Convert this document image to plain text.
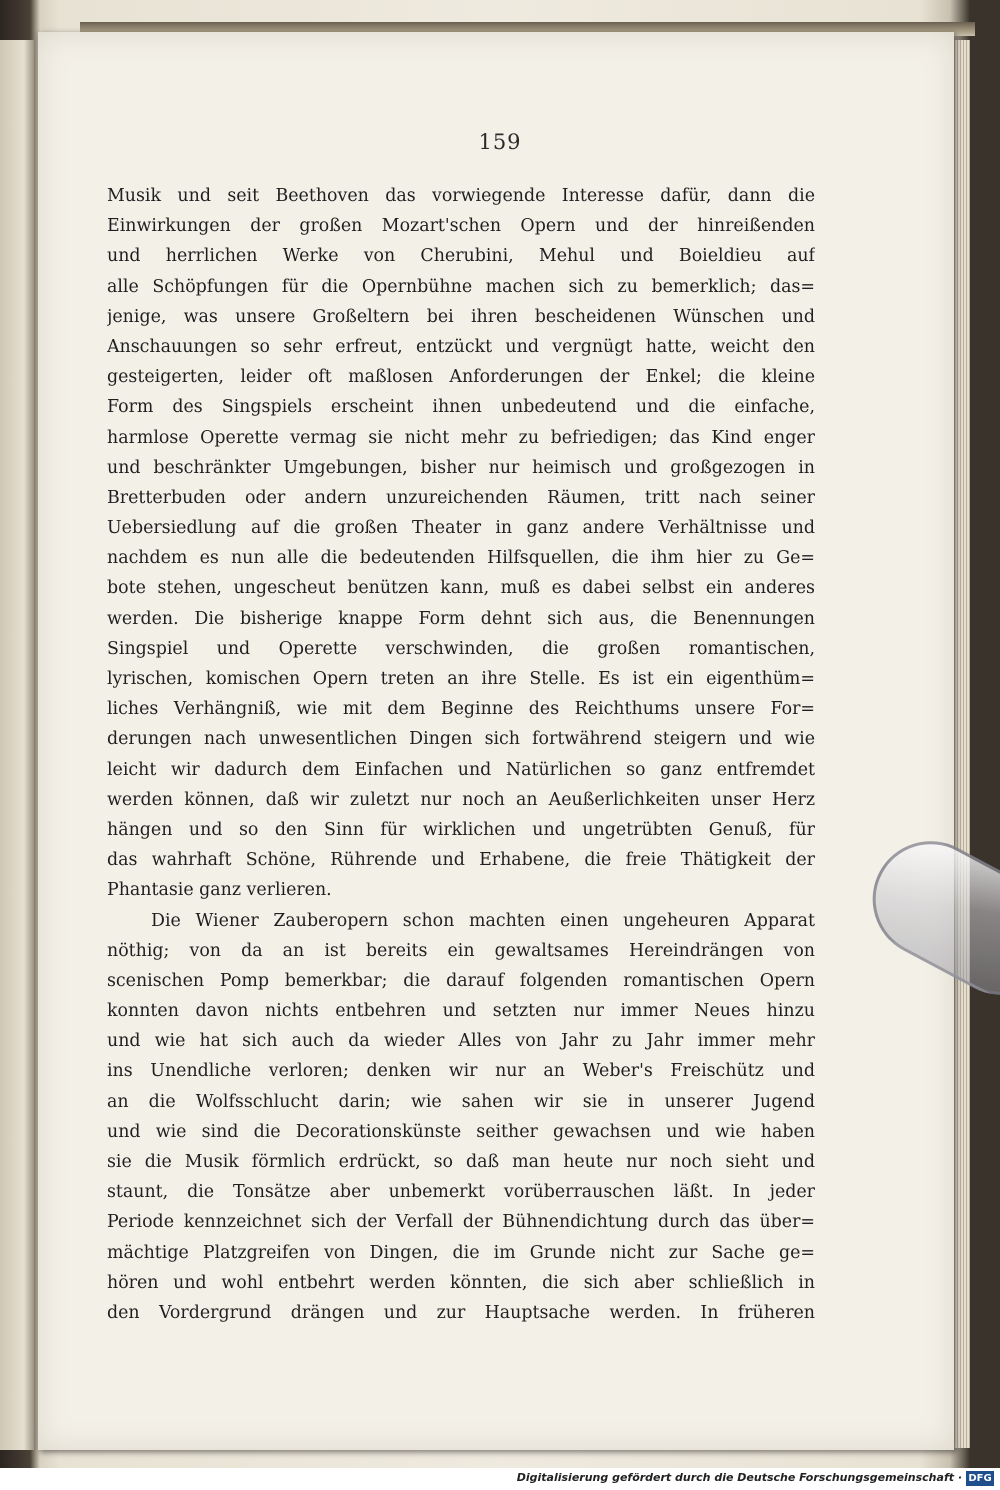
159
Musik und seit Beethoven das vorwiegende Interesse dafür, dann die
Einwirkungen der großen Mozart'schen Opern und der hinreißenden
und herrlichen Werke von Cherubini, Mehul und Boieldieu auf
alle Schöpfungen für die Opernbühne machen sich zu bemerklich; das=
jenige, was unsere Großeltern bei ihren bescheidenen Wünschen und
Anschauungen so sehr erfreut, entzückt und vergnügt hatte, weicht den
gesteigerten, leider oft maßlosen Anforderungen der Enkel; die kleine
Form des Singspiels erscheint ihnen unbedeutend und die einfache,
harmlose Operette vermag sie nicht mehr zu befriedigen; das Kind enger
und beschränkter Umgebungen, bisher nur heimisch und großgezogen in
Bretterbuden oder andern unzureichenden Räumen, tritt nach seiner
Uebersiedlung auf die großen Theater in ganz andere Verhältnisse und
nachdem es nun alle die bedeutenden Hilfsquellen, die ihm hier zu Ge=
bote stehen, ungescheut benützen kann, muß es dabei selbst ein anderes
werden. Die bisherige knappe Form dehnt sich aus, die Benennungen
Singspiel und Operette verschwinden, die großen romantischen,
lyrischen, komischen Opern treten an ihre Stelle. Es ist ein eigenthüm=
liches Verhängniß, wie mit dem Beginne des Reichthums unsere For=
derungen nach unwesentlichen Dingen sich fortwährend steigern und wie
leicht wir dadurch dem Einfachen und Natürlichen so ganz entfremdet
werden können, daß wir zuletzt nur noch an Aeußerlichkeiten unser Herz
hängen und so den Sinn für wirklichen und ungetrübten Genuß, für
das wahrhaft Schöne, Rührende und Erhabene, die freie Thätigkeit der
Phantasie ganz verlieren.
Die Wiener Zauberopern schon machten einen ungeheuren Apparat
nöthig; von da an ist bereits ein gewaltsames Hereindrängen von
scenischen Pomp bemerkbar; die darauf folgenden romantischen Opern
konnten davon nichts entbehren und setzten nur immer Neues hinzu
und wie hat sich auch da wieder Alles von Jahr zu Jahr immer mehr
ins Unendliche verloren; denken wir nur an Weber's Freischütz und
an die Wolfsschlucht darin; wie sahen wir sie in unserer Jugend
und wie sind die Decorationskünste seither gewachsen und wie haben
sie die Musik förmlich erdrückt, so daß man heute nur noch sieht und
staunt, die Tonsätze aber unbemerkt vorüberrauschen läßt. In jeder
Periode kennzeichnet sich der Verfall der Bühnendichtung durch das über=
mächtige Platzgreifen von Dingen, die im Grunde nicht zur Sache ge=
hören und wohl entbehrt werden könnten, die sich aber schließlich in
den Vordergrund drängen und zur Hauptsache werden. In früheren
Digitalisierung gefördert durch die Deutsche Forschungsgemeinschaft · DFG
